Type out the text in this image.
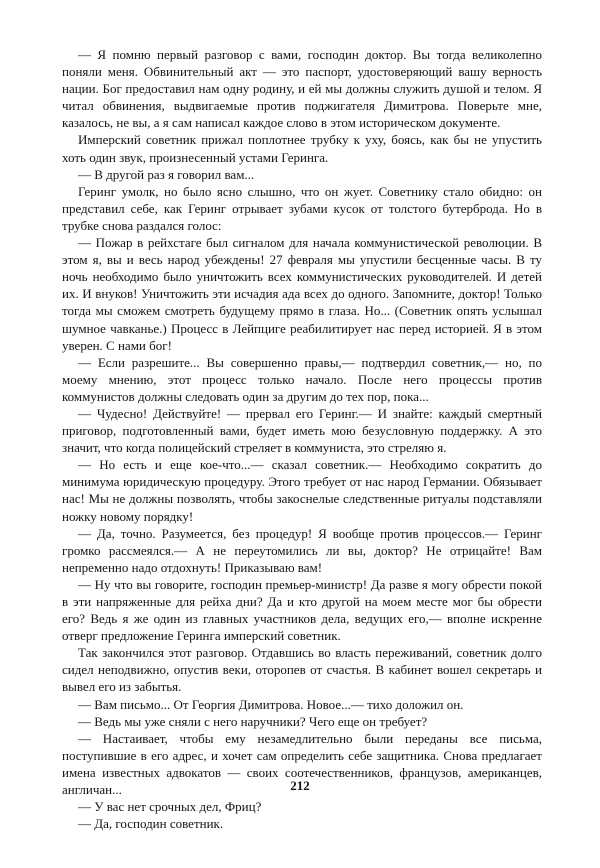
— Я помню первый разговор с вами, господин доктор. Вы тогда великолепно поняли меня. Обвинительный акт — это паспорт, удостоверяющий вашу верность нации. Бог предоставил нам одну родину, и ей мы должны служить душой и телом. Я читал обвинения, выдвигаемые против поджигателя Димитрова. Поверьте мне, казалось, не вы, а я сам написал каждое слово в этом историческом документе.

Имперский советник прижал поплотнее трубку к уху, боясь, как бы не упустить хоть один звук, произнесенный устами Геринга.

— В другой раз я говорил вам...

Геринг умолк, но было ясно слышно, что он жует. Советнику стало обидно: он представил себе, как Геринг отрывает зубами кусок от толстого бутерброда. Но в трубке снова раздался голос:

— Пожар в рейхстаге был сигналом для начала коммунистической революции. В этом я, вы и весь народ убеждены! 27 февраля мы упустили бесценные часы. В ту ночь необходимо было уничтожить всех коммунистических руководителей. И детей их. И внуков! Уничтожить эти исчадия ада всех до одного. Запомните, доктор! Только тогда мы сможем смотреть будущему прямо в глаза. Но... (Советник опять услышал шумное чавканье.) Процесс в Лейпциге реабилитирует нас перед историей. Я в этом уверен. С нами бог!

— Если разрешите... Вы совершенно правы,— подтвердил советник,— но, по моему мнению, этот процесс только начало. После него процессы против коммунистов должны следовать один за другим до тех пор, пока...

— Чудесно! Действуйте! — прервал его Геринг.— И знайте: каждый смертный приговор, подготовленный вами, будет иметь мою безусловную поддержку. А это значит, что когда полицейский стреляет в коммуниста, это стреляю я.

— Но есть и еще кое-что...— сказал советник.— Необходимо сократить до минимума юридическую процедуру. Этого требует от нас народ Германии. Обязывает нас! Мы не должны позволять, чтобы закоснелые следственные ритуалы подставляли ножку новому порядку!

— Да, точно. Разумеется, без процедур! Я вообще против процессов.— Геринг громко рассмеялся.— А не переутомились ли вы, доктор? Не отрицайте! Вам непременно надо отдохнуть! Приказываю вам!

— Ну что вы говорите, господин премьер-министр! Да разве я могу обрести покой в эти напряженные для рейха дни? Да и кто другой на моем месте мог бы обрести его? Ведь я же один из главных участников дела, ведущих его,— вполне искренне отверг предложение Геринга имперский советник.

Так закончился этот разговор. Отдавшись во власть переживаний, советник долго сидел неподвижно, опустив веки, оторопев от счастья. В кабинет вошел секретарь и вывел его из забытья.

— Вам письмо... От Георгия Димитрова. Новое...— тихо доложил он.

— Ведь мы уже сняли с него наручники? Чего еще он требует?

— Настаивает, чтобы ему незамедлительно были переданы все письма, поступившие в его адрес, и хочет сам определить себе защитника. Снова предлагает имена известных адвокатов — своих соотечественников, французов, американцев, англичан...

— У вас нет срочных дел, Фриц?

— Да, господин советник.

212
